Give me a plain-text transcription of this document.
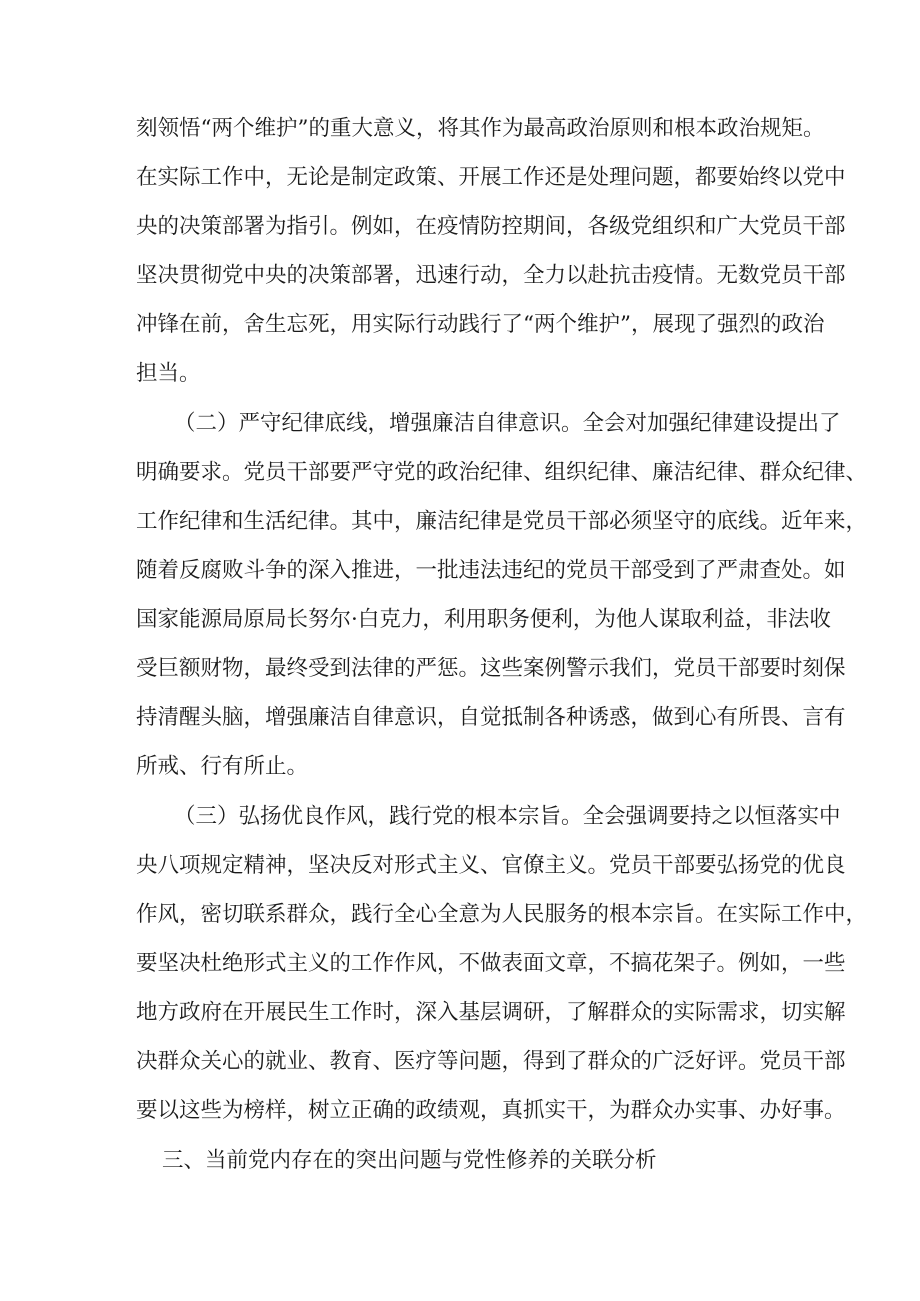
刻领悟“两个维护”的重大意义，将其作为最高政治原则和根本政治规矩。
在实际工作中，无论是制定政策、开展工作还是处理问题，都要始终以党中
央的决策部署为指引。例如，在疫情防控期间，各级党组织和广大党员干部
坚决贯彻党中央的决策部署，迅速行动，全力以赴抗击疫情。无数党员干部
冲锋在前，舍生忘死，用实际行动践行了“两个维护”，展现了强烈的政治
担当。
（二）严守纪律底线，增强廉洁自律意识。全会对加强纪律建设提出了
明确要求。党员干部要严守党的政治纪律、组织纪律、廉洁纪律、群众纪律、
工作纪律和生活纪律。其中，廉洁纪律是党员干部必须坚守的底线。近年来，
随着反腐败斗争的深入推进，一批违法违纪的党员干部受到了严肃查处。如
国家能源局原局长努尔·白克力，利用职务便利，为他人谋取利益，非法收
受巨额财物，最终受到法律的严惩。这些案例警示我们，党员干部要时刻保
持清醒头脑，增强廉洁自律意识，自觉抵制各种诱惑，做到心有所畏、言有
所戒、行有所止。
（三）弘扬优良作风，践行党的根本宗旨。全会强调要持之以恒落实中
央八项规定精神，坚决反对形式主义、官僚主义。党员干部要弘扬党的优良
作风，密切联系群众，践行全心全意为人民服务的根本宗旨。在实际工作中，
要坚决杜绝形式主义的工作作风，不做表面文章，不搞花架子。例如，一些
地方政府在开展民生工作时，深入基层调研，了解群众的实际需求，切实解
决群众关心的就业、教育、医疗等问题，得到了群众的广泛好评。党员干部
要以这些为榜样，树立正确的政绩观，真抓实干，为群众办实事、办好事。
三、当前党内存在的突出问题与党性修养的关联分析
